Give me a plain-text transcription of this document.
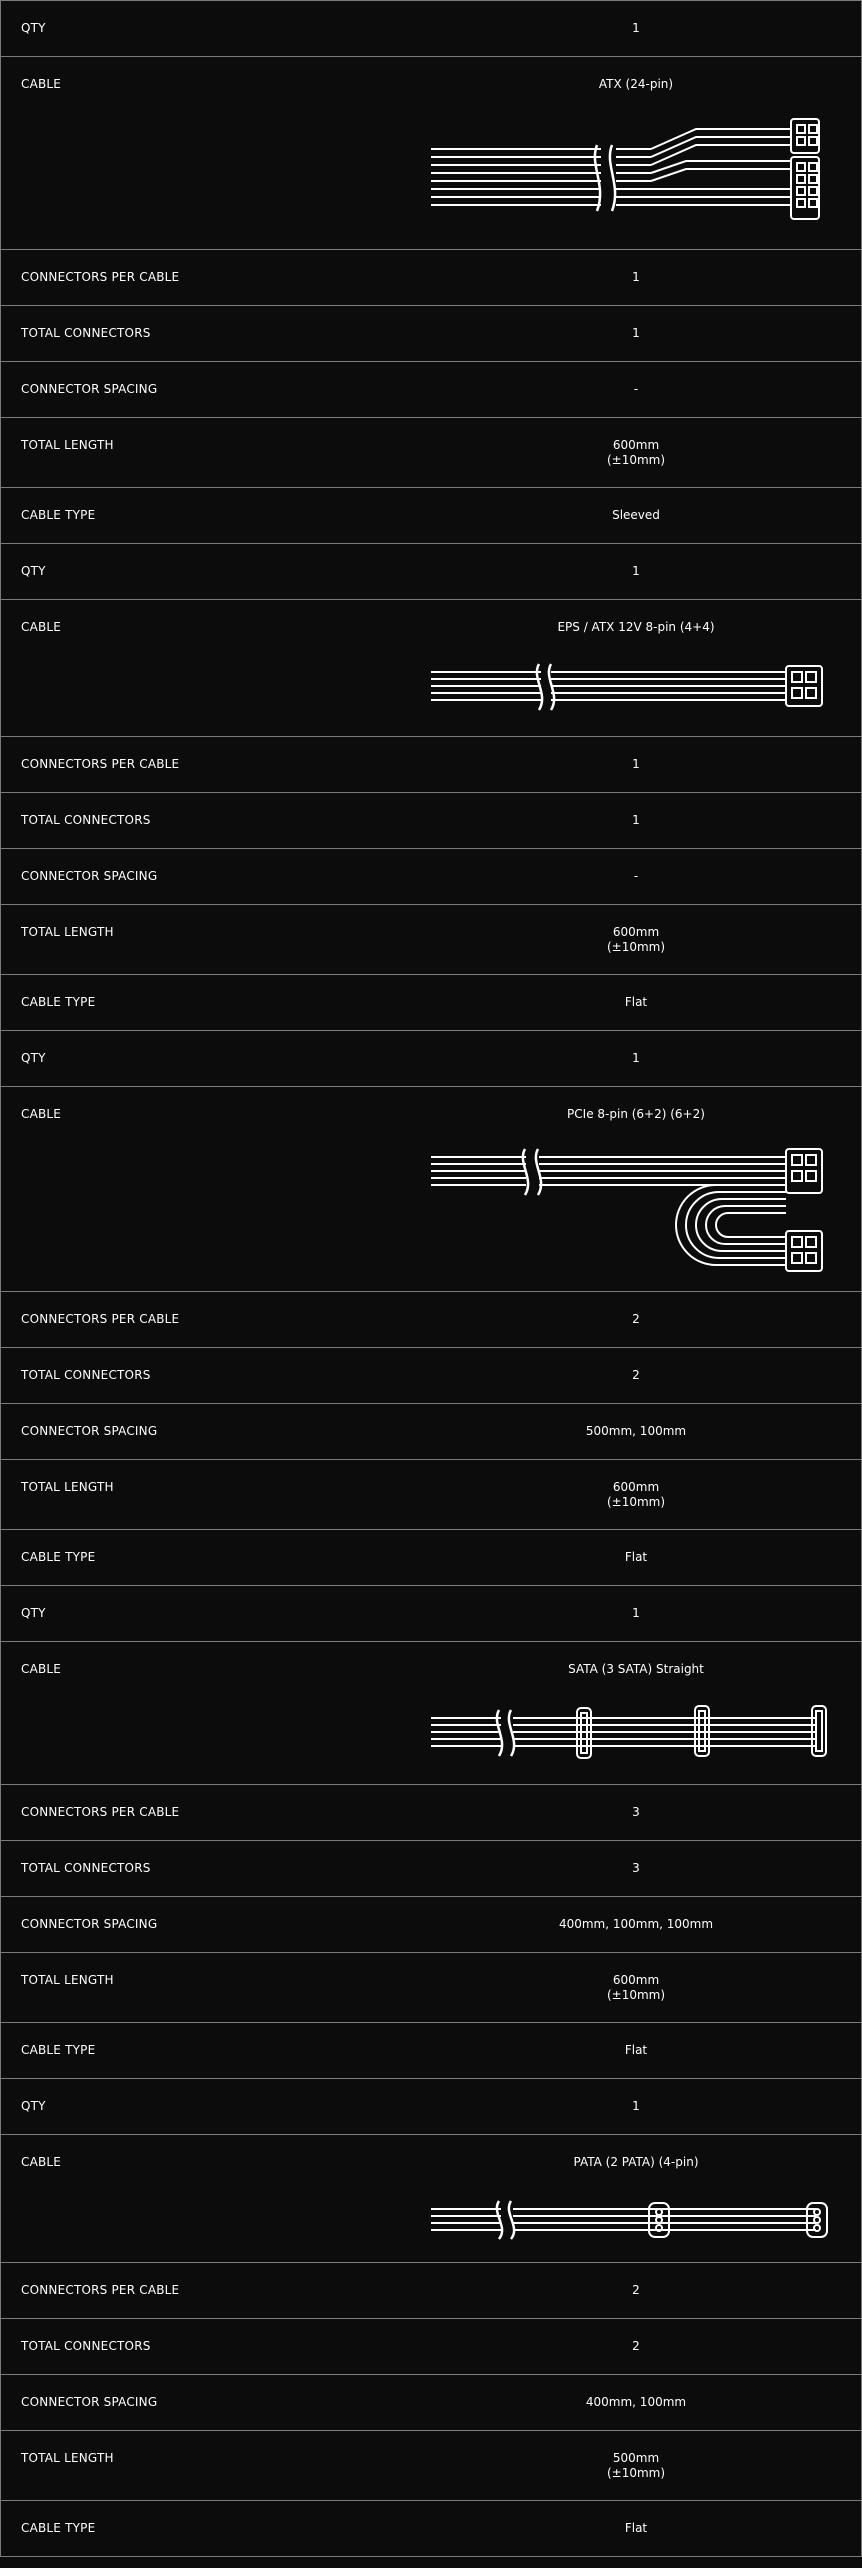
QTY	1
CABLE	ATX (24-pin)
CONNECTORS PER CABLE	1
TOTAL CONNECTORS	1
CONNECTOR SPACING	-
TOTAL LENGTH	600mm
(±10mm)
CABLE TYPE	Sleeved
QTY	1
CABLE	EPS / ATX 12V 8-pin (4+4)
CONNECTORS PER CABLE	1
TOTAL CONNECTORS	1
CONNECTOR SPACING	-
TOTAL LENGTH	600mm
(±10mm)
CABLE TYPE	Flat
QTY	1
CABLE	PCIe 8-pin (6+2) (6+2)
CONNECTORS PER CABLE	2
TOTAL CONNECTORS	2
CONNECTOR SPACING	500mm, 100mm
TOTAL LENGTH	600mm
(±10mm)
CABLE TYPE	Flat
QTY	1
CABLE	SATA (3 SATA) Straight
CONNECTORS PER CABLE	3
TOTAL CONNECTORS	3
CONNECTOR SPACING	400mm, 100mm, 100mm
TOTAL LENGTH	600mm
(±10mm)
CABLE TYPE	Flat
QTY	1
CABLE	PATA (2 PATA) (4-pin)
CONNECTORS PER CABLE	2
TOTAL CONNECTORS	2
CONNECTOR SPACING	400mm, 100mm
TOTAL LENGTH	500mm
(±10mm)
CABLE TYPE	Flat
